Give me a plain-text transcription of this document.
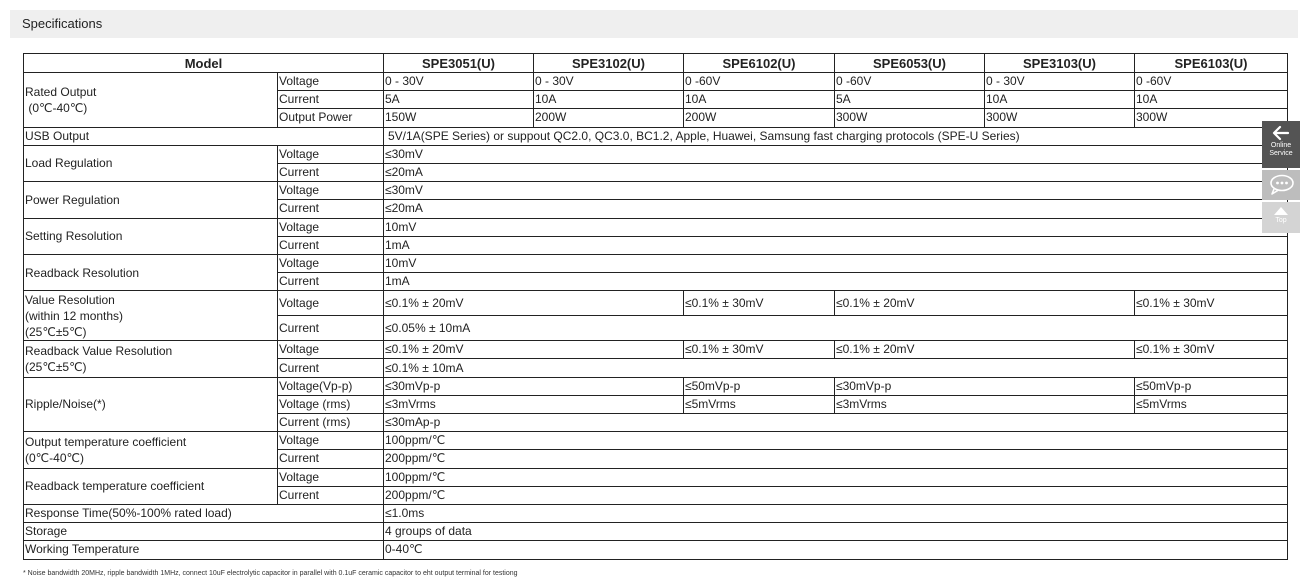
Specifications
Model		SPE3051(U)	SPE3102(U)	SPE6102(U)	SPE6053(U)	SPE3103(U)	SPE6103(U)
Rated Output
(0℃-40℃)	Voltage	0 - 30V	0 - 30V	0 -60V	0 -60V	0 - 30V	0 -60V
	Current	5A	10A	10A	5A	10A	10A
	Output Power	150W	200W	200W	300W	300W	300W
USB Output		5V/1A(SPE Series) or suppout QC2.0, QC3.0, BC1.2, Apple, Huawei, Samsung fast charging protocols (SPE-U Series)					
Load Regulation	Voltage	≤30mV					
	Current	≤20mA					
Power Regulation	Voltage	≤30mV					
	Current	≤20mA					
Setting Resolution	Voltage	10mV					
	Current	1mA					
Readback Resolution	Voltage	10mV					
	Current	1mA					
Value Resolution
(within 12 months)
(25℃±5℃)	Voltage	≤0.1% ± 20mV		≤0.1% ± 30mV	≤0.1% ± 20mV		≤0.1% ± 30mV
	Current	≤0.05% ± 10mA					
Readback Value Resolution
(25℃±5℃)	Voltage	≤0.1% ± 20mV		≤0.1% ± 30mV	≤0.1% ± 20mV		≤0.1% ± 30mV
	Current	≤0.1% ± 10mA					
Ripple/Noise(*)	Voltage(Vp-p)	≤30mVp-p		≤50mVp-p	≤30mVp-p		≤50mVp-p
	Voltage (rms)	≤3mVrms		≤5mVrms	≤3mVrms		≤5mVrms
	Current (rms)	≤30mAp-p					
Output temperature coefficient
(0℃-40℃)	Voltage	100ppm/℃					
	Current	200ppm/℃					
Readback temperature coefficient	Voltage	100ppm/℃					
	Current	200ppm/℃					
Response Time(50%-100% rated load)		≤1.0ms					
Storage		4 groups of data					
Working Temperature		0-40℃					
* Noise bandwidth 20MHz, ripple bandwidth 1MHz, connect 10uF electrolytic capacitor in parallel with 0.1uF ceramic capacitor to eht output terminal for testiong
Online
Service
Top
